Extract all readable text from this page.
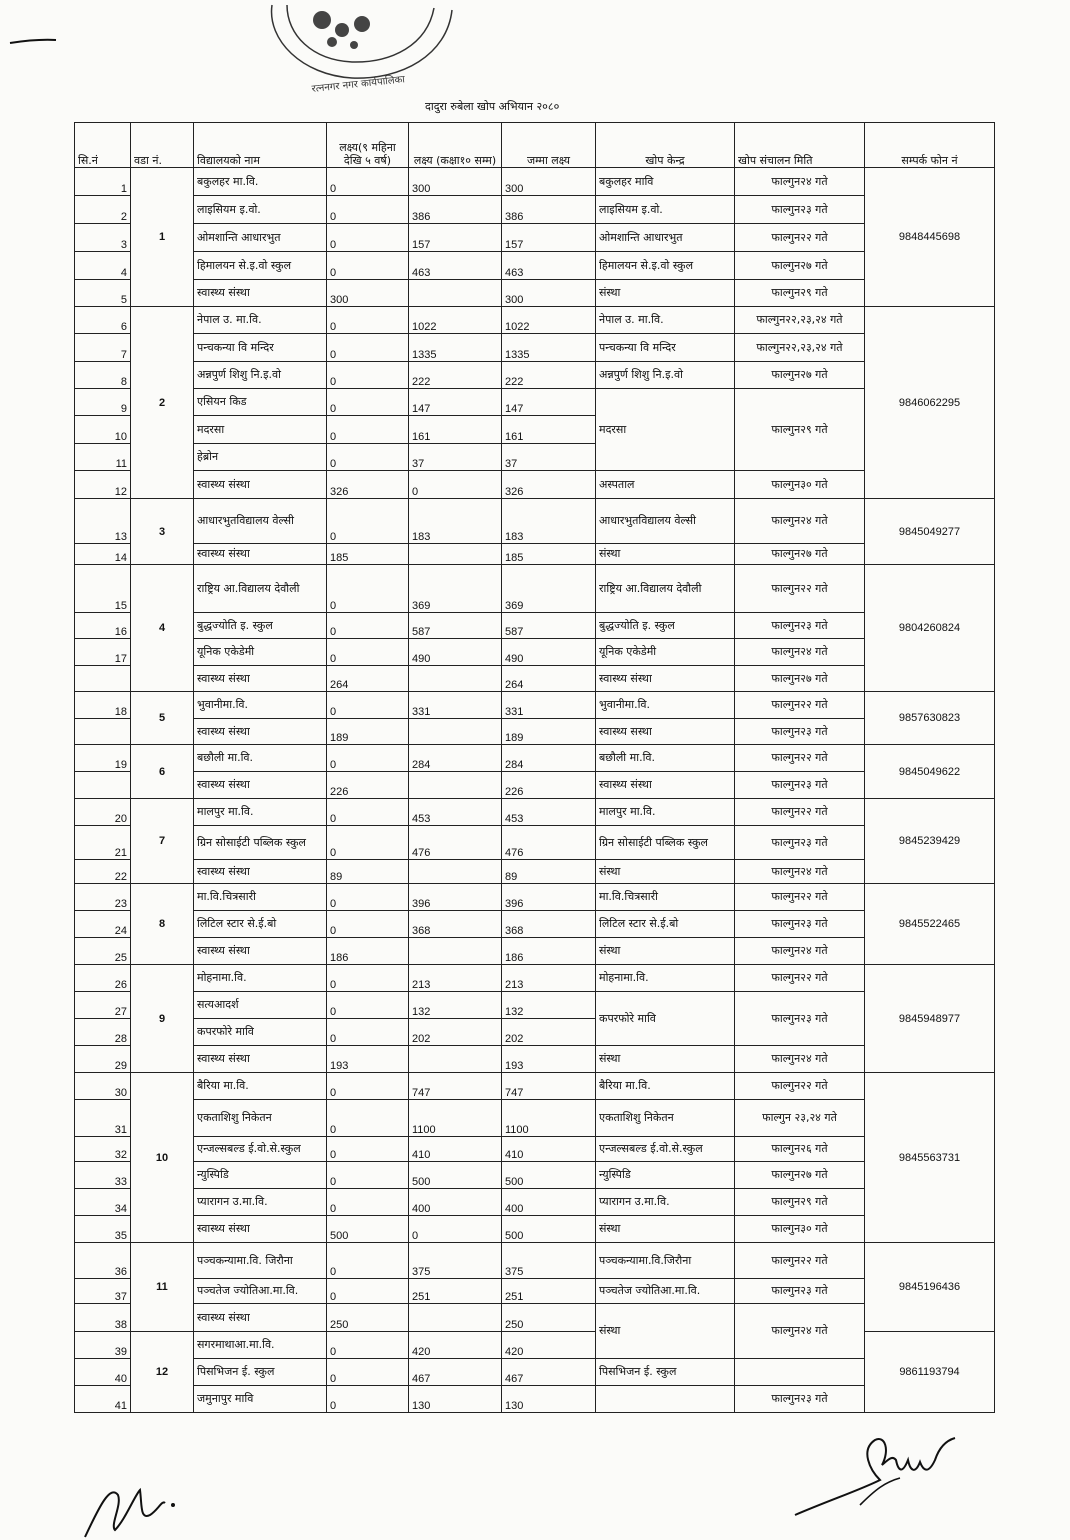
रत्ननगर नगर कार्यपालिका
दादुरा रुबेला खोप अभियान २०८०
सि.नं	वडा नं.	विद्यालयको नाम	लक्ष्य(९ महिना देखि ५ वर्ष)	लक्ष्य (कक्षा१० सम्म)	जम्मा लक्ष्य	खोप केन्द्र	खोप संचालन मिति	सम्पर्क फोन नं
1	1	बकुलहर मा.वि.	0	300	300	बकुलहर मावि	फाल्गुन२४ गते	9848445698
2		लाइसियम इ.वो.	0	386	386	लाइसियम इ.वो.	फाल्गुन२३ गते	
3		ओमशान्ति आधारभुत	0	157	157	ओमशान्ति आधारभुत	फाल्गुन२२ गते	
4		हिमालयन से.इ.वो स्कुल	0	463	463	हिमालयन से.इ.वो स्कुल	फाल्गुन२७ गते	
5		स्वास्थ्य संस्था	300		300	संस्था	फाल्गुन२९ गते	
6	2	नेपाल उ. मा.वि.	0	1022	1022	नेपाल उ. मा.वि.	फाल्गुन२२,२३,२४ गते	9846062295
7		पन्चकन्या वि मन्दिर	0	1335	1335	पन्चकन्या वि मन्दिर	फाल्गुन२२,२३,२४ गते	
8		अन्नपुर्ण शिशु नि.इ.वो	0	222	222	अन्नपुर्ण शिशु नि.इ.वो	फाल्गुन२७ गते	
9		एसियन किड	0	147	147	मदरसा	फाल्गुन२९ गते	
10		मदरसा	0	161	161			
11		हेब्रोन	0	37	37			
12		स्वास्थ्य संस्था	326	0	326	अस्पताल	फाल्गुन३० गते	
13	3	आधारभुतविद्यालय वेल्सी	0	183	183	आधारभुतविद्यालय वेल्सी	फाल्गुन२४ गते	9845049277
14		स्वास्थ्य संस्था	185		185	संस्था	फाल्गुन२७ गते	
15	4	राष्ट्रिय आ.विद्यालय देवौली	0	369	369	राष्ट्रिय आ.विद्यालय देवौली	फाल्गुन२२ गते	9804260824
16		बुद्धज्योति इ. स्कुल	0	587	587	बुद्धज्योति इ. स्कुल	फाल्गुन२३ गते	
17		यूनिक एकेडेमी	0	490	490	यूनिक एकेडेमी	फाल्गुन२४ गते	
		स्वास्थ्य संस्था	264		264	स्वास्थ्य संस्था	फाल्गुन२७ गते	
18	5	भुवानीमा.वि.	0	331	331	भुवानीमा.वि.	फाल्गुन२२ गते	9857630823
		स्वास्थ्य संस्था	189		189	स्वास्थ्य सस्था	फाल्गुन२३ गते	
19	6	बछौली मा.वि.	0	284	284	बछौली मा.वि.	फाल्गुन२२ गते	9845049622
		स्वास्थ्य संस्था	226		226	स्वास्थ्य संस्था	फाल्गुन२३ गते	
20	7	मालपुर मा.वि.	0	453	453	मालपुर मा.वि.	फाल्गुन२२ गते	9845239429
21		ग्रिन सोसाईटी पब्लिक स्कुल	0	476	476	ग्रिन सोसाईटी पब्लिक स्कुल	फाल्गुन२३ गते	
22		स्वास्थ्य संस्था	89		89	संस्था	फाल्गुन२४ गते	
23	8	मा.वि.चित्रसारी	0	396	396	मा.वि.चित्रसारी	फाल्गुन२२ गते	9845522465
24		लिटिल स्टार से.ई.बो	0	368	368	लिटिल स्टार से.ई.बो	फाल्गुन२३ गते	
25		स्वास्थ्य संस्था	186		186	संस्था	फाल्गुन२४ गते	
26	9	मोहनामा.वि.	0	213	213	मोहनामा.वि.	फाल्गुन२२ गते	9845948977
27		सत्यआदर्श	0	132	132	कपरफोरे मावि	फाल्गुन२३ गते	
28		कपरफोरे मावि	0	202	202			
29		स्वास्थ्य संस्था	193		193	संस्था	फाल्गुन२४ गते	
30	10	बैरिया मा.वि.	0	747	747	बैरिया मा.वि.	फाल्गुन२२ गते	9845563731
31		एकताशिशु निकेतन	0	1100	1100	एकताशिशु निकेतन	फाल्गुन २३,२४ गते	
32		एन्जल्सबल्ड ई.वो.से.स्कुल	0	410	410	एन्जल्सबल्ड ई.वो.से.स्कुल	फाल्गुन२६ गते	
33		न्युस्पिडि	0	500	500	न्युस्पिडि	फाल्गुन२७ गते	
34		प्यारागन उ.मा.वि.	0	400	400	प्यारागन उ.मा.वि.	फाल्गुन२९ गते	
35		स्वास्थ्य संस्था	500	0	500	संस्था	फाल्गुन३० गते	
36	11	पञ्चकन्यामा.वि. जिरौना	0	375	375	पञ्चकन्यामा.वि.जिरौना	फाल्गुन२२ गते	9845196436
37		पञ्चतेज ज्योतिआ.मा.वि.	0	251	251	पञ्चतेज ज्योतिआ.मा.वि.	फाल्गुन२३ गते	
38		स्वास्थ्य संस्था	250		250	संस्था	फाल्गुन२४ गते	
39	12	सगरमाथाआ.मा.वि.	0	420	420			9861193794
40		पिसभिजन ई. स्कुल	0	467	467	पिसभिजन ई. स्कुल		
41		जमुनापुर मावि	0	130	130		फाल्गुन२३ गते	
